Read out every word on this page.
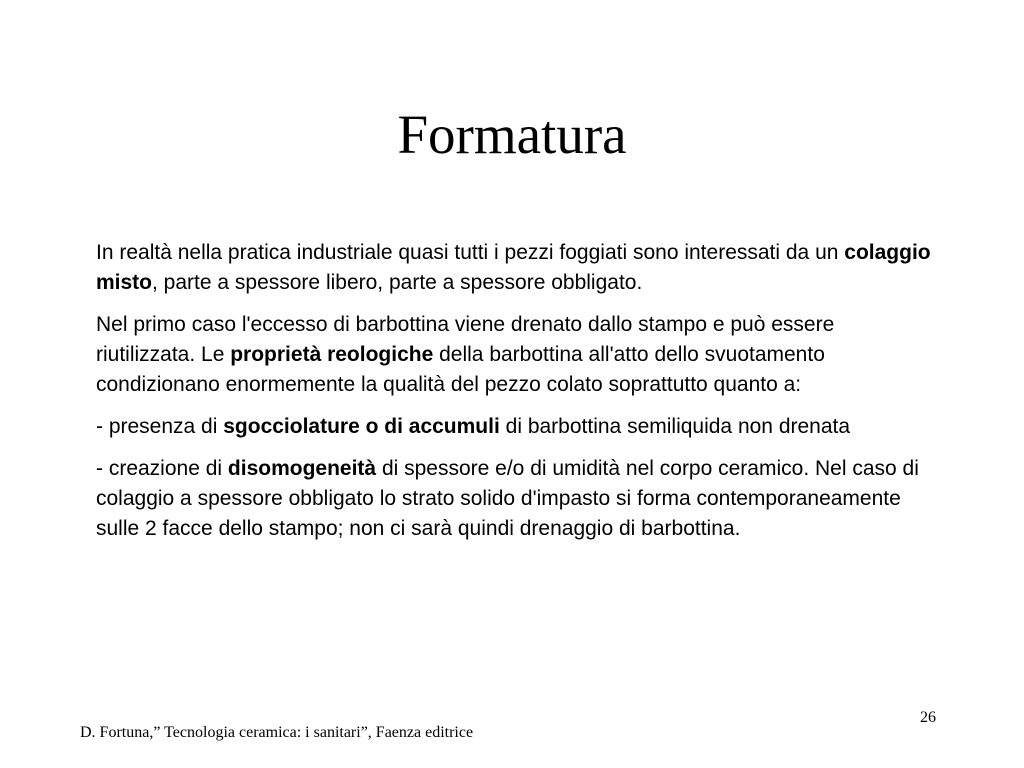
Formatura

In realtà nella pratica industriale quasi tutti i pezzi foggiati sono interessati da un colaggio misto, parte a spessore libero, parte a spessore obbligato.

Nel primo caso l'eccesso di barbottina viene drenato dallo stampo e può essere riutilizzata. Le proprietà reologiche della barbottina all'atto dello svuotamento condizionano enormemente la qualità del pezzo colato soprattutto quanto a:

- presenza di sgocciolature o di accumuli di barbottina semiliquida non drenata

- creazione di disomogeneità di spessore e/o di umidità nel corpo ceramico. Nel caso di colaggio a spessore obbligato lo strato solido d'impasto si forma contemporaneamente sulle 2 facce dello stampo; non ci sarà quindi drenaggio di barbottina.

26
D. Fortuna,” Tecnologia ceramica: i sanitari”, Faenza editrice
